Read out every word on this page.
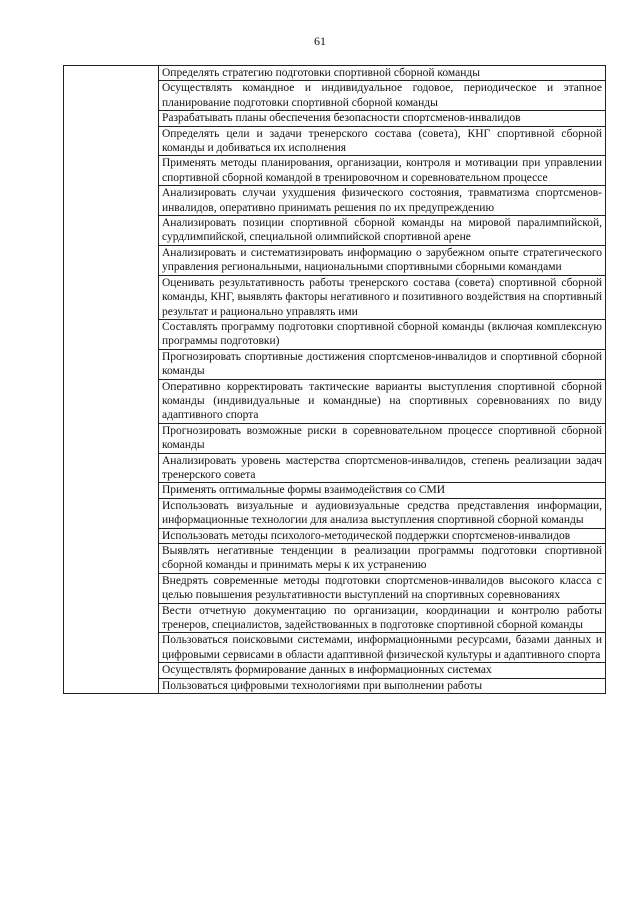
61
	Определять стратегию подготовки спортивной сборной команды
Осуществлять командное и индивидуальное годовое, периодическое и этапное планирование подготовки спортивной сборной команды
Разрабатывать планы обеспечения безопасности спортсменов-инвалидов
Определять цели и задачи тренерского состава (совета), КНГ спортивной сборной команды и добиваться их исполнения
Применять методы планирования, организации, контроля и мотивации при управлении спортивной сборной командой в тренировочном и соревновательном процессе
Анализировать случаи ухудшения физического состояния, травматизма спортсменов-инвалидов, оперативно принимать решения по их предупреждению
Анализировать позиции спортивной сборной команды на мировой паралимпийской, сурдлимпийской, специальной олимпийской спортивной арене
Анализировать и систематизировать информацию о зарубежном опыте стратегического управления региональными, национальными спортивными сборными командами
Оценивать результативность работы тренерского состава (совета) спортивной сборной команды, КНГ, выявлять факторы негативного и позитивного воздействия на спортивный результат и рационально управлять ими
Составлять программу подготовки спортивной сборной команды (включая комплексную программы подготовки)
Прогнозировать спортивные достижения спортсменов-инвалидов и спортивной сборной команды
Оперативно корректировать тактические варианты выступления спортивной сборной команды (индивидуальные и командные) на спортивных соревнованиях по виду адаптивного спорта
Прогнозировать возможные риски в соревновательном процессе спортивной сборной команды
Анализировать уровень мастерства спортсменов-инвалидов, степень реализации задач тренерского совета
Применять оптимальные формы взаимодействия со СМИ
Использовать визуальные и аудиовизуальные средства представления информации, информационные технологии для анализа выступления спортивной сборной команды
Использовать методы психолого-методической поддержки спортсменов-инвалидов
Выявлять негативные тенденции в реализации программы подготовки спортивной сборной команды и принимать меры к их устранению
Внедрять современные методы подготовки спортсменов-инвалидов высокого класса с целью повышения результативности выступлений на спортивных соревнованиях
Вести отчетную документацию по организации, координации и контролю работы тренеров, специалистов, задействованных в подготовке спортивной сборной команды
Пользоваться поисковыми системами, информационными ресурсами, базами данных и цифровыми сервисами в области адаптивной физической культуры и адаптивного спорта
Осуществлять формирование данных в информационных системах
Пользоваться цифровыми технологиями при выполнении работы
